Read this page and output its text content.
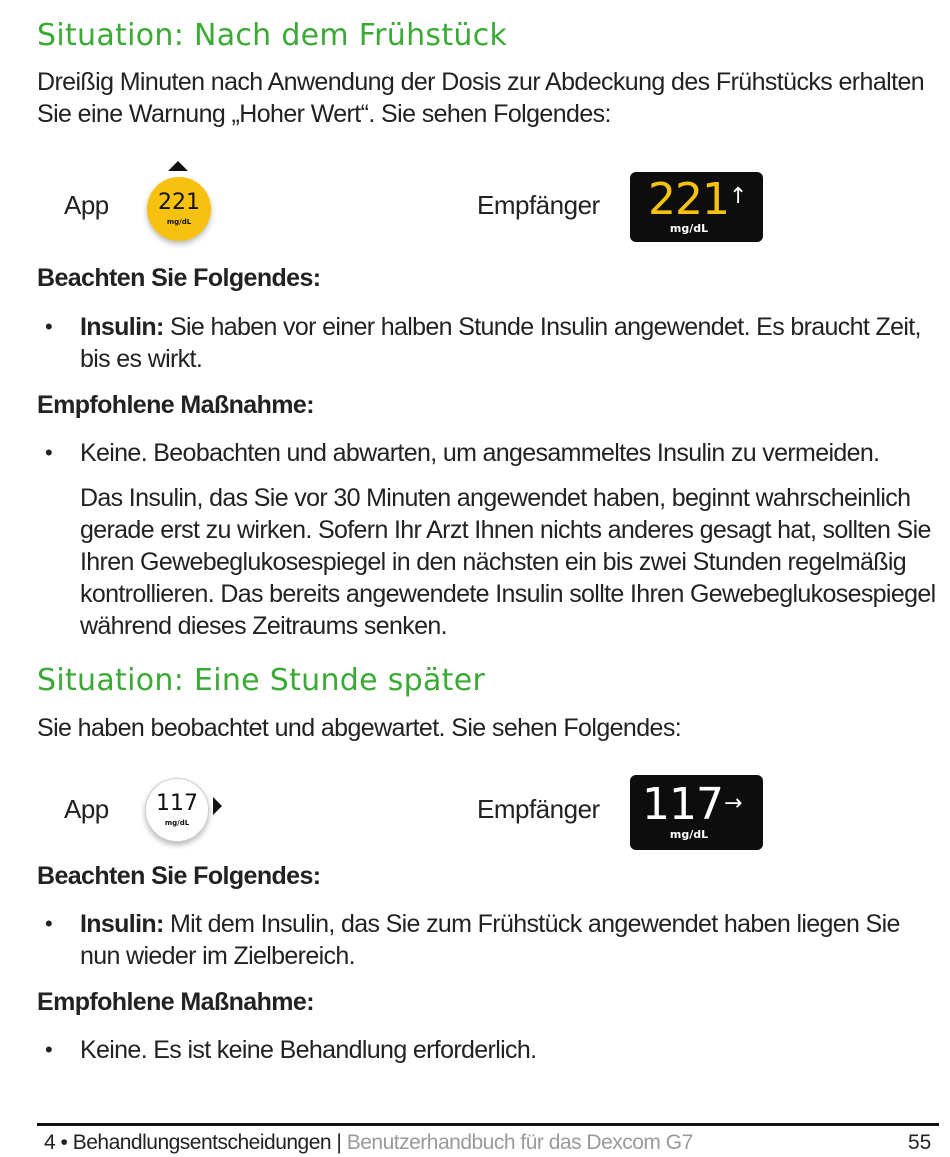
Situation: Nach dem Frühstück

Dreißig Minuten nach Anwendung der Dosis zur Abdeckung des Frühstücks erhalten Sie eine Warnung „Hoher Wert“. Sie sehen Folgendes:

App	221
mg/dL
Empfänger 221 ↑
mg/dL

Beachten Sie Folgendes:

• Insulin: Sie haben vor einer halben Stunde Insulin angewendet. Es braucht Zeit, bis es wirkt.

Empfohlene Maßnahme:

• Keine. Beobachten und abwarten, um angesammeltes Insulin zu vermeiden.

Das Insulin, das Sie vor 30 Minuten angewendet haben, beginnt wahrscheinlich gerade erst zu wirken. Sofern Ihr Arzt Ihnen nichts anderes gesagt hat, sollten Sie Ihren Gewebeglukosespiegel in den nächsten ein bis zwei Stunden regelmäßig kontrollieren. Das bereits angewendete Insulin sollte Ihren Gewebeglukosespiegel während dieses Zeitraums senken.

Situation: Eine Stunde später

Sie haben beobachtet und abgewartet. Sie sehen Folgendes:

App	117
mg/dL	Empfänger 117 →
mg/dL

Beachten Sie Folgendes:

• Insulin: Mit dem Insulin, das Sie zum Frühstück angewendet haben liegen Sie nun wieder im Zielbereich.

Empfohlene Maßnahme:

• Keine. Es ist keine Behandlung erforderlich.

4 • Behandlungsentscheidungen | Benutzerhandbuch für das Dexcom G7	55
